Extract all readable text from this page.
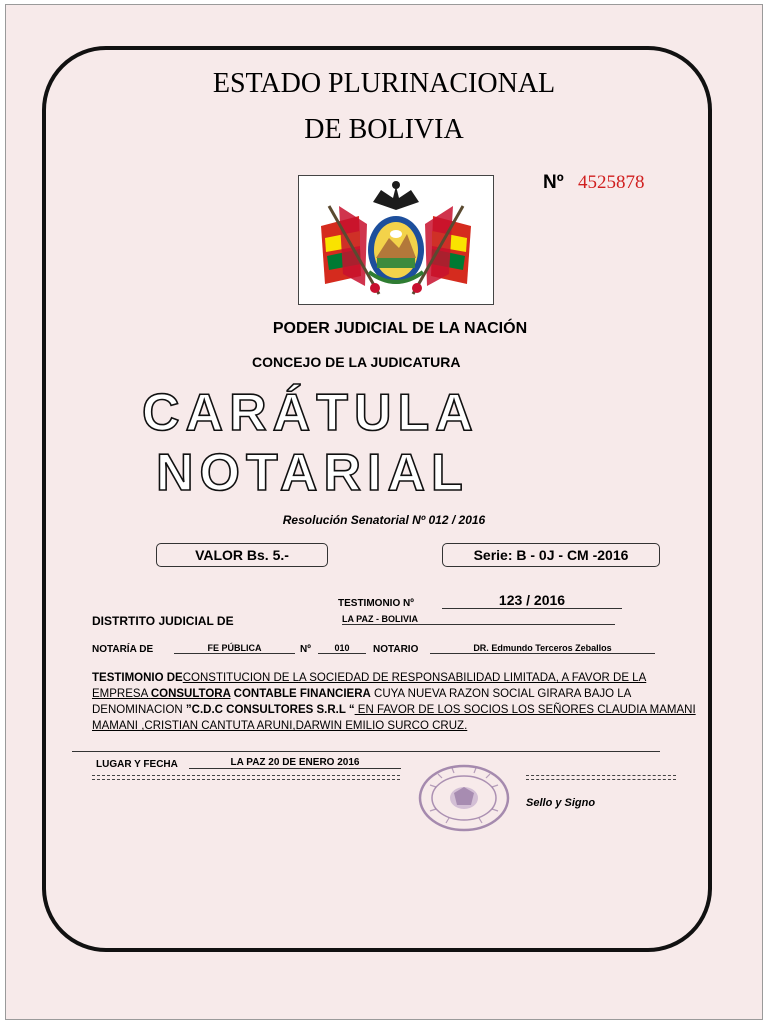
ESTADO PLURINACIONAL
DE BOLIVIA
Nº 4525878
PODER JUDICIAL DE LA NACIÓN
CONCEJO DE LA JUDICATURA
CARÁTULA
NOTARIAL
Resolución Senatorial Nº 012 / 2016
VALOR Bs. 5.-	Serie: B - 0J - CM -2016
TESTIMONIO Nº	123 / 2016
DISTRTITO JUDICIAL DE	LA PAZ - BOLIVIA
NOTARÍA DE	FE PÚBLICA	Nº	010	NOTARIO	DR. Edmundo Terceros Zeballos
TESTIMONIO DECONSTITUCION DE LA SOCIEDAD DE RESPONSABILIDAD LIMITADA, A FAVOR DE LA EMPRESA CONSULTORA CONTABLE FINANCIERA CUYA NUEVA RAZON SOCIAL GIRARA BAJO LA DENOMINACION ”C.D.C CONSULTORES S.R.L “ EN FAVOR DE LOS SOCIOS LOS SEÑORES CLAUDIA MAMANI MAMANI ,CRISTIAN CANTUTA ARUNI,DARWIN EMILIO SURCO CRUZ.
LUGAR Y FECHA	LA PAZ 20 DE ENERO 2016
Sello y Signo
